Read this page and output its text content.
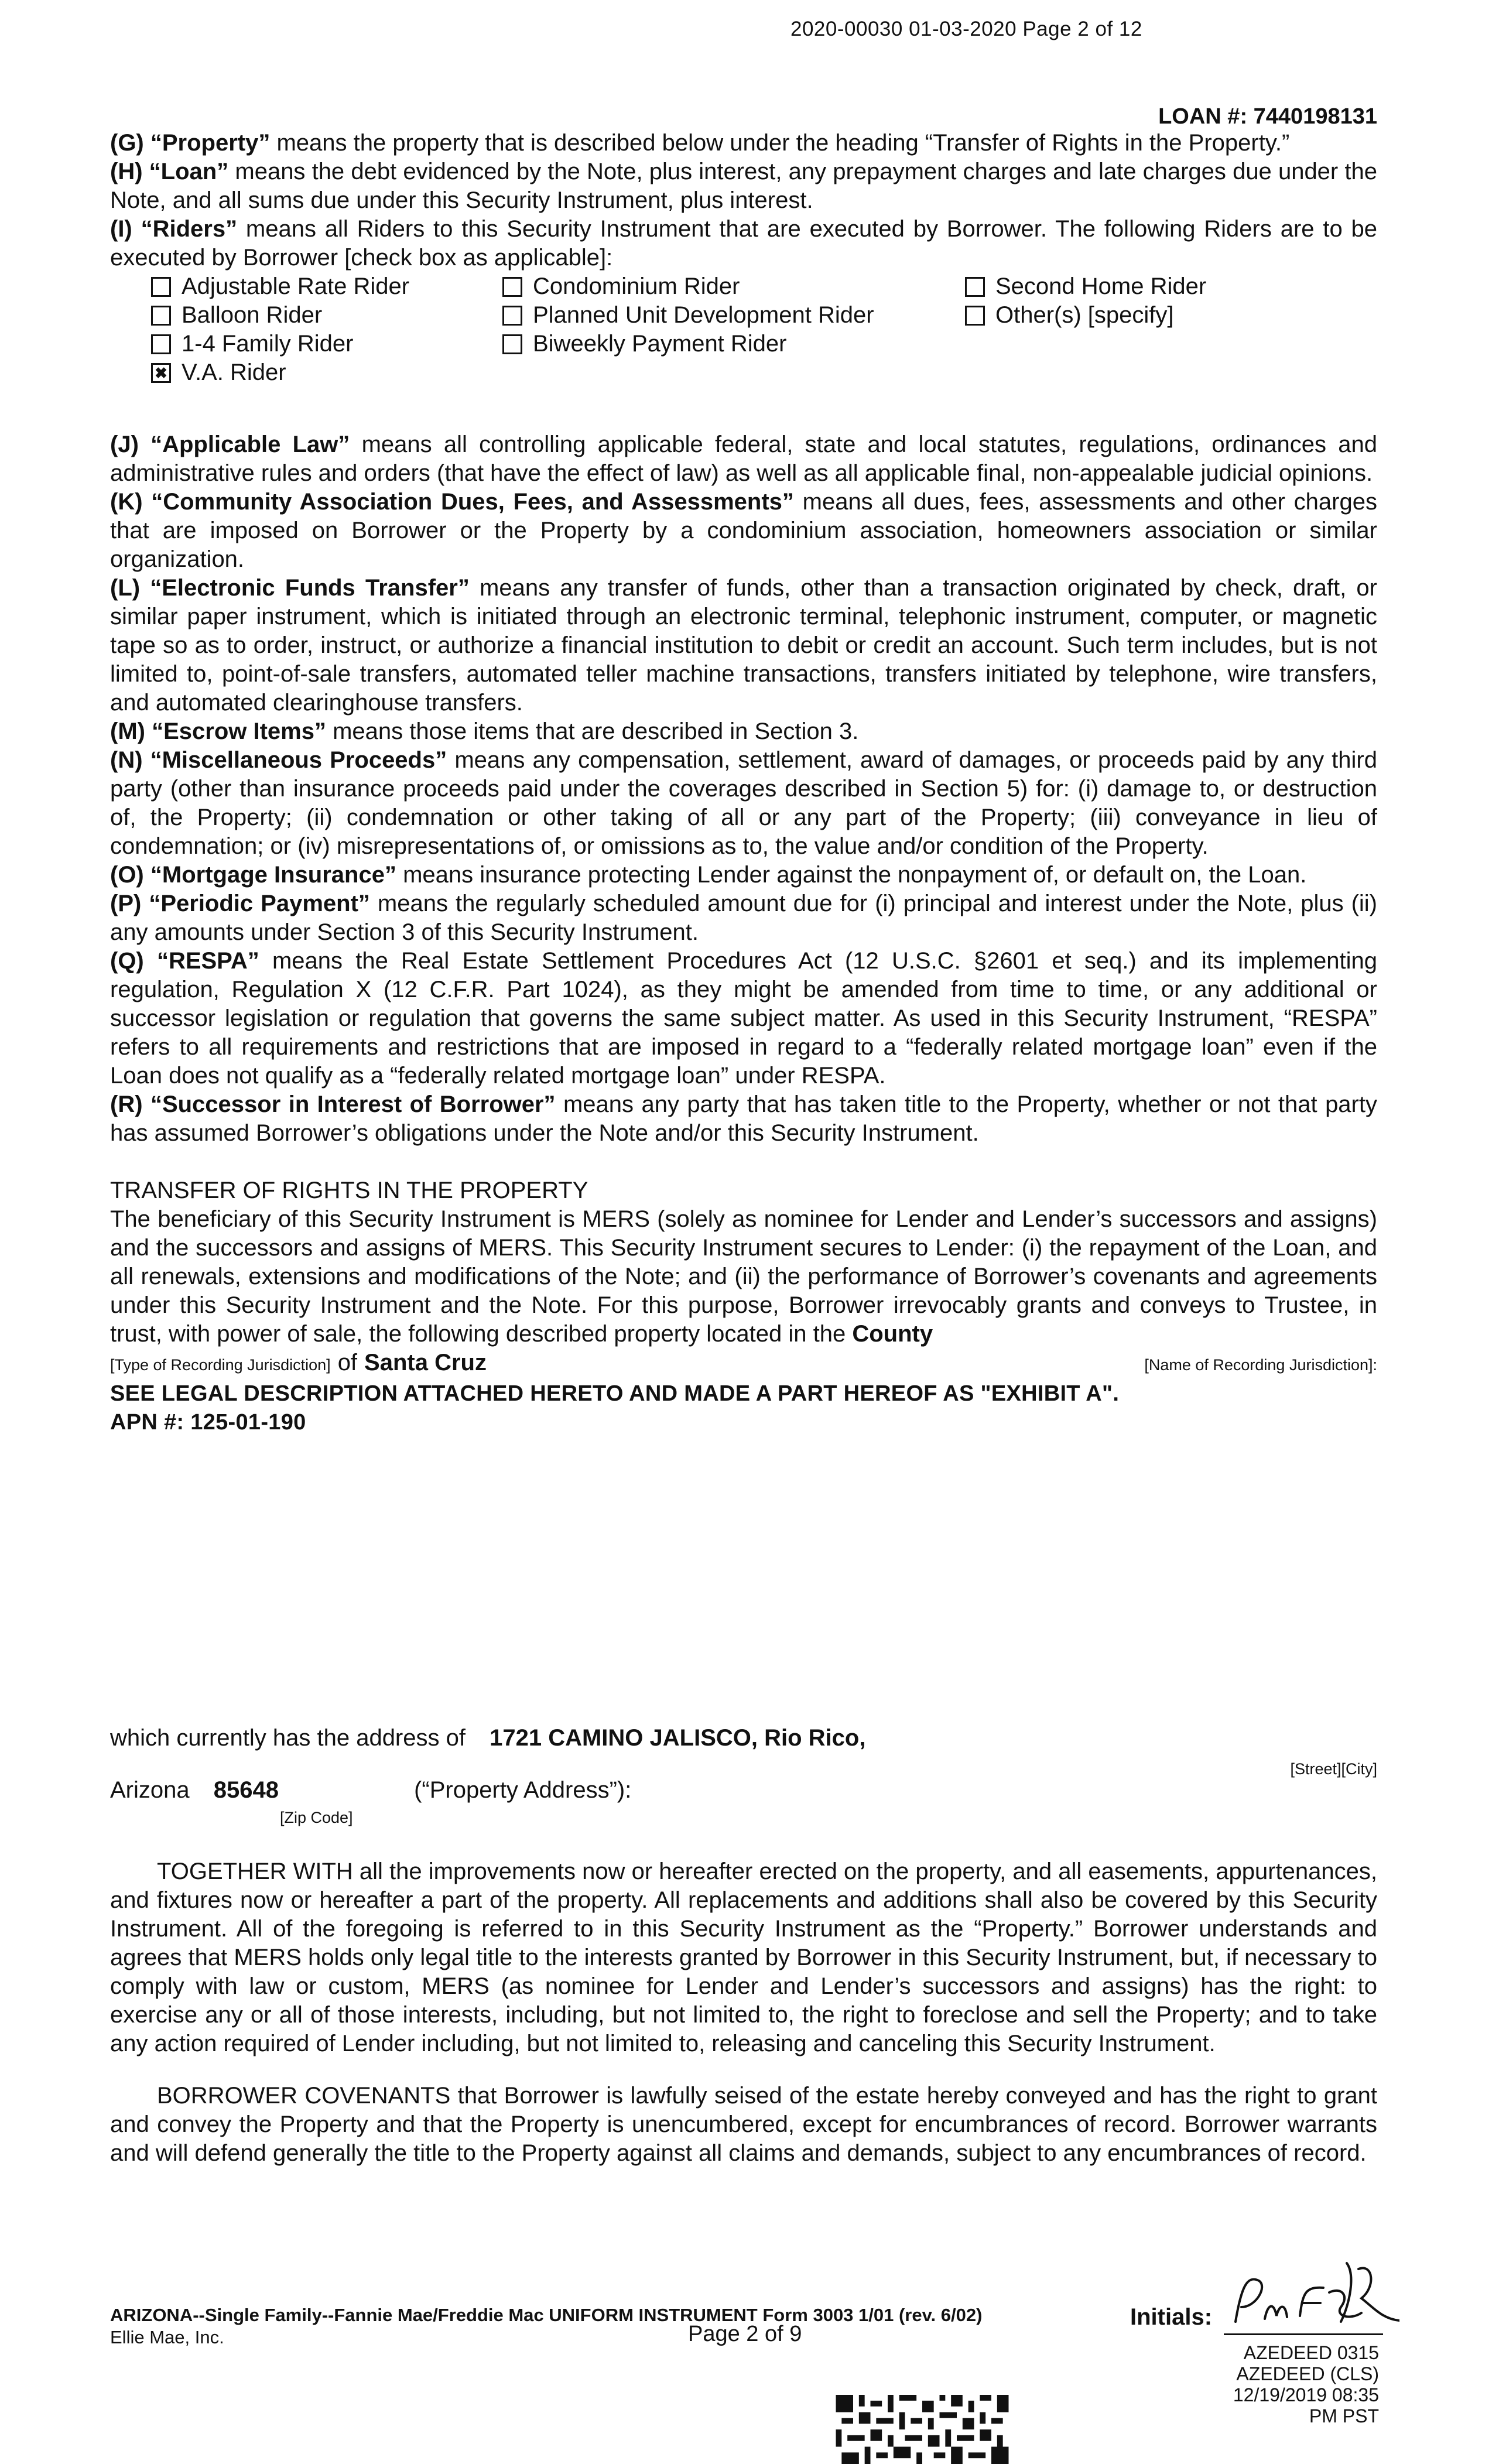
2020-00030 01-03-2020 Page 2 of 12
LOAN #: 7440198131

(G) “Property” means the property that is described below under the heading “Transfer of Rights in the Property.”

(H) “Loan” means the debt evidenced by the Note, plus interest, any prepayment charges and late charges due under the Note, and all sums due under this Security Instrument, plus interest.

(I) “Riders” means all Riders to this Security Instrument that are executed by Borrower. The following Riders are to be executed by Borrower [check box as applicable]:

Adjustable Rate Rider	Condominium Rider	Second Home Rider
Balloon Rider	Planned Unit Development Rider	Other(s) [specify]
1-4 Family Rider	Biweekly Payment Rider
✖ V.A. Rider

(J) “Applicable Law” means all controlling applicable federal, state and local statutes, regulations, ordinances and administrative rules and orders (that have the effect of law) as well as all applicable final, non-appealable judicial opinions.

(K) “Community Association Dues, Fees, and Assessments” means all dues, fees, assessments and other charges that are imposed on Borrower or the Property by a condominium association, homeowners association or similar organization.

(L) “Electronic Funds Transfer” means any transfer of funds, other than a transaction originated by check, draft, or similar paper instrument, which is initiated through an electronic terminal, telephonic instrument, computer, or magnetic tape so as to order, instruct, or authorize a financial institution to debit or credit an account. Such term includes, but is not limited to, point-of-sale transfers, automated teller machine transactions, transfers initiated by telephone, wire transfers, and automated clearinghouse transfers.

(M) “Escrow Items” means those items that are described in Section 3.

(N) “Miscellaneous Proceeds” means any compensation, settlement, award of damages, or proceeds paid by any third party (other than insurance proceeds paid under the coverages described in Section 5) for: (i) damage to, or destruction of, the Property; (ii) condemnation or other taking of all or any part of the Property; (iii) conveyance in lieu of condemnation; or (iv) misrepresentations of, or omissions as to, the value and/or condition of the Property.

(O) “Mortgage Insurance” means insurance protecting Lender against the nonpayment of, or default on, the Loan.

(P) “Periodic Payment” means the regularly scheduled amount due for (i) principal and interest under the Note, plus (ii) any amounts under Section 3 of this Security Instrument.

(Q) “RESPA” means the Real Estate Settlement Procedures Act (12 U.S.C. §2601 et seq.) and its implementing regulation, Regulation X (12 C.F.R. Part 1024), as they might be amended from time to time, or any additional or successor legislation or regulation that governs the same subject matter. As used in this Security Instrument, “RESPA” refers to all requirements and restrictions that are imposed in regard to a “federally related mortgage loan” even if the Loan does not qualify as a “federally related mortgage loan” under RESPA.

(R) “Successor in Interest of Borrower” means any party that has taken title to the Property, whether or not that party has assumed Borrower’s obligations under the Note and/or this Security Instrument.

TRANSFER OF RIGHTS IN THE PROPERTY

The beneficiary of this Security Instrument is MERS (solely as nominee for Lender and Lender’s successors and assigns) and the successors and assigns of MERS. This Security Instrument secures to Lender: (i) the repayment of the Loan, and all renewals, extensions and modifications of the Note; and (ii) the performance of Borrower’s covenants and agreements under this Security Instrument and the Note. For this purpose, Borrower irrevocably grants and conveys to Trustee, in trust, with power of sale, the following described property located in the County

[Type of Recording Jurisdiction] of Santa Cruz	[Name of Recording Jurisdiction]:

SEE LEGAL DESCRIPTION ATTACHED HERETO AND MADE A PART HEREOF AS "EXHIBIT A".

APN #: 125-01-190

which currently has the address of 1721 CAMINO JALISCO, Rio Rico,

[Street][City]

Arizona 85648	(“Property Address”):

[Zip Code]

TOGETHER WITH all the improvements now or hereafter erected on the property, and all easements, appurtenances, and fixtures now or hereafter a part of the property. All replacements and additions shall also be covered by this Security Instrument. All of the foregoing is referred to in this Security Instrument as the “Property.” Borrower understands and agrees that MERS holds only legal title to the interests granted by Borrower in this Security Instrument, but, if necessary to comply with law or custom, MERS (as nominee for Lender and Lender’s successors and assigns) has the right: to exercise any or all of those interests, including, but not limited to, the right to foreclose and sell the Property; and to take any action required of Lender including, but not limited to, releasing and canceling this Security Instrument.

BORROWER COVENANTS that Borrower is lawfully seised of the estate hereby conveyed and has the right to grant and convey the Property and that the Property is unencumbered, except for encumbrances of record. Borrower warrants and will defend generally the title to the Property against all claims and demands, subject to any encumbrances of record.

ARIZONA--Single Family--Fannie Mae/Freddie Mac UNIFORM INSTRUMENT Form 3003 1/01 (rev. 6/02)
Ellie Mae, Inc.	Page 2 of 9
Initials:
AZEDEED 0315
AZEDEED (CLS)
12/19/2019 08:35 PM PST
